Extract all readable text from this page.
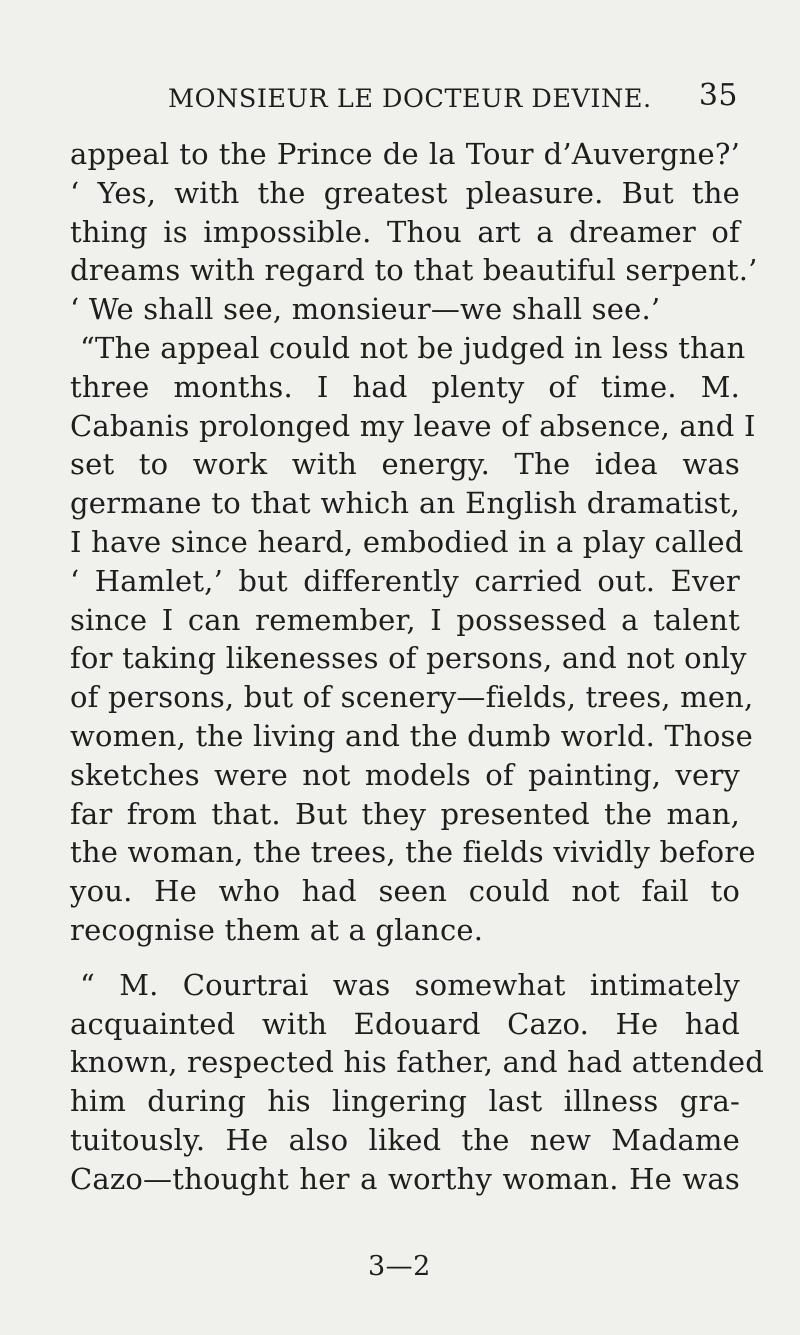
MONSIEUR LE DOCTEUR DEVINE. 35
appeal to the Prince de la Tour d’Auvergne?’
‘ Yes, with the greatest pleasure. But the
thing is impossible. Thou art a dreamer of
dreams with regard to that beautiful serpent.’
‘ We shall see, monsieur—we shall see.’
“The appeal could not be judged in less than
three months. I had plenty of time. M.
Cabanis prolonged my leave of absence, and I
set to work with energy. The idea was
germane to that which an English dramatist,
I have since heard, embodied in a play called
‘ Hamlet,’ but differently carried out. Ever
since I can remember, I possessed a talent
for taking likenesses of persons, and not only
of persons, but of scenery—fields, trees, men,
women, the living and the dumb world. Those
sketches were not models of painting, very
far from that. But they presented the man,
the woman, the trees, the fields vividly before
you. He who had seen could not fail to
recognise them at a glance.
“ M. Courtrai was somewhat intimately
acquainted with Edouard Cazo. He had
known, respected his father, and had attended
him during his lingering last illness gra-
tuitously. He also liked the new Madame
Cazo—thought her a worthy woman. He was
3—2
